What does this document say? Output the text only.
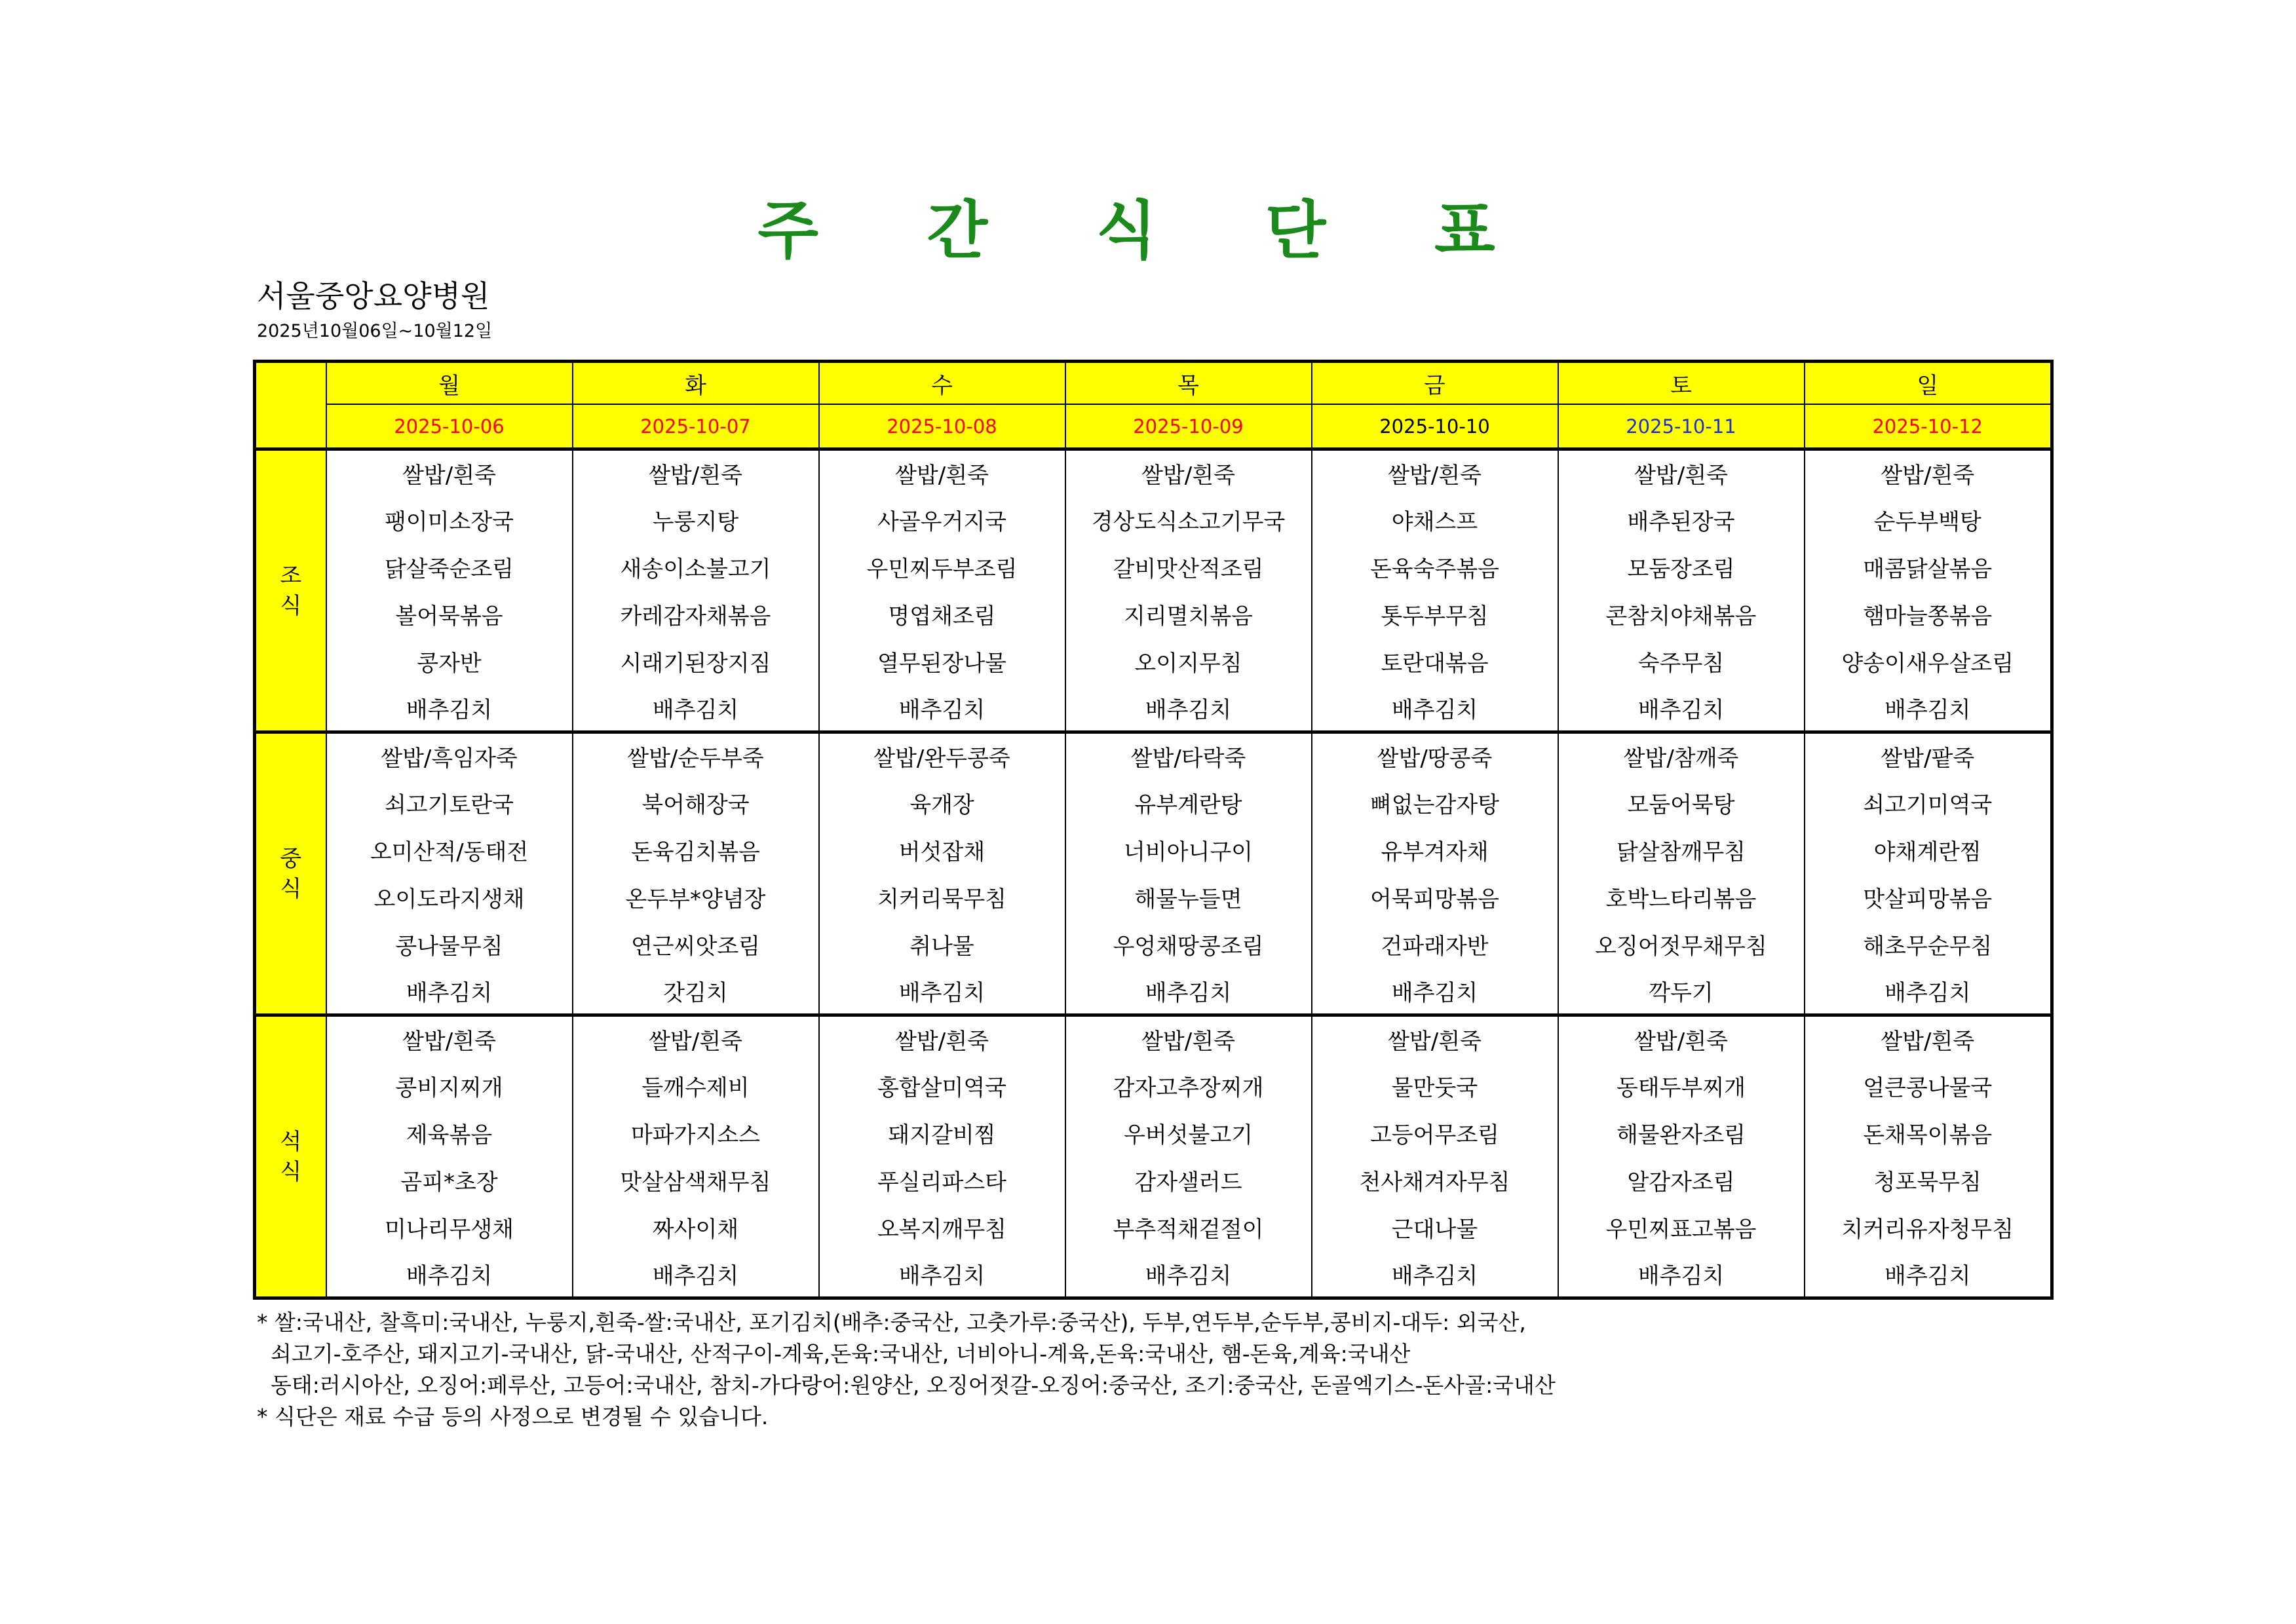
주 간 식 단 표
서울중앙요양병원
2025년10월06일~10월12일
	월	화	수	목	금	토	일
	2025-10-06	2025-10-07	2025-10-08	2025-10-09	2025-10-10	2025-10-11	2025-10-12
조
식	쌀밥/흰죽	쌀밥/흰죽	쌀밥/흰죽	쌀밥/흰죽	쌀밥/흰죽	쌀밥/흰죽	쌀밥/흰죽
	팽이미소장국	누룽지탕	사골우거지국	경상도식소고기무국	야채스프	배추된장국	순두부백탕
	닭살죽순조림	새송이소불고기	우민찌두부조림	갈비맛산적조림	돈육숙주볶음	모둠장조림	매콤닭살볶음
	볼어묵볶음	카레감자채볶음	명엽채조림	지리멸치볶음	톳두부무침	콘참치야채볶음	햄마늘쫑볶음
	콩자반	시래기된장지짐	열무된장나물	오이지무침	토란대볶음	숙주무침	양송이새우살조림
	배추김치	배추김치	배추김치	배추김치	배추김치	배추김치	배추김치
중
식	쌀밥/흑임자죽	쌀밥/순두부죽	쌀밥/완두콩죽	쌀밥/타락죽	쌀밥/땅콩죽	쌀밥/참깨죽	쌀밥/팥죽
	쇠고기토란국	북어해장국	육개장	유부계란탕	뼈없는감자탕	모둠어묵탕	쇠고기미역국
	오미산적/동태전	돈육김치볶음	버섯잡채	너비아니구이	유부겨자채	닭살참깨무침	야채계란찜
	오이도라지생채	온두부*양념장	치커리묵무침	해물누들면	어묵피망볶음	호박느타리볶음	맛살피망볶음
	콩나물무침	연근씨앗조림	취나물	우엉채땅콩조림	건파래자반	오징어젓무채무침	해초무순무침
	배추김치	갓김치	배추김치	배추김치	배추김치	깍두기	배추김치
석
식	쌀밥/흰죽	쌀밥/흰죽	쌀밥/흰죽	쌀밥/흰죽	쌀밥/흰죽	쌀밥/흰죽	쌀밥/흰죽
	콩비지찌개	들깨수제비	홍합살미역국	감자고추장찌개	물만둣국	동태두부찌개	얼큰콩나물국
	제육볶음	마파가지소스	돼지갈비찜	우버섯불고기	고등어무조림	해물완자조림	돈채목이볶음
	곰피*초장	맛살삼색채무침	푸실리파스타	감자샐러드	천사채겨자무침	알감자조림	청포묵무침
	미나리무생채	짜사이채	오복지깨무침	부추적채겉절이	근대나물	우민찌표고볶음	치커리유자청무침
	배추김치	배추김치	배추김치	배추김치	배추김치	배추김치	배추김치
* 쌀:국내산, 찰흑미:국내산, 누룽지,흰죽-쌀:국내산, 포기김치(배추:중국산, 고춧가루:중국산), 두부,연두부,순두부,콩비지-대두: 외국산,
쇠고기-호주산, 돼지고기-국내산, 닭-국내산, 산적구이-계육,돈육:국내산, 너비아니-계육,돈육:국내산, 햄-돈육,계육:국내산
동태:러시아산, 오징어:페루산, 고등어:국내산, 참치-가다랑어:원양산, 오징어젓갈-오징어:중국산, 조기:중국산, 돈골엑기스-돈사골:국내산
* 식단은 재료 수급 등의 사정으로 변경될 수 있습니다.
